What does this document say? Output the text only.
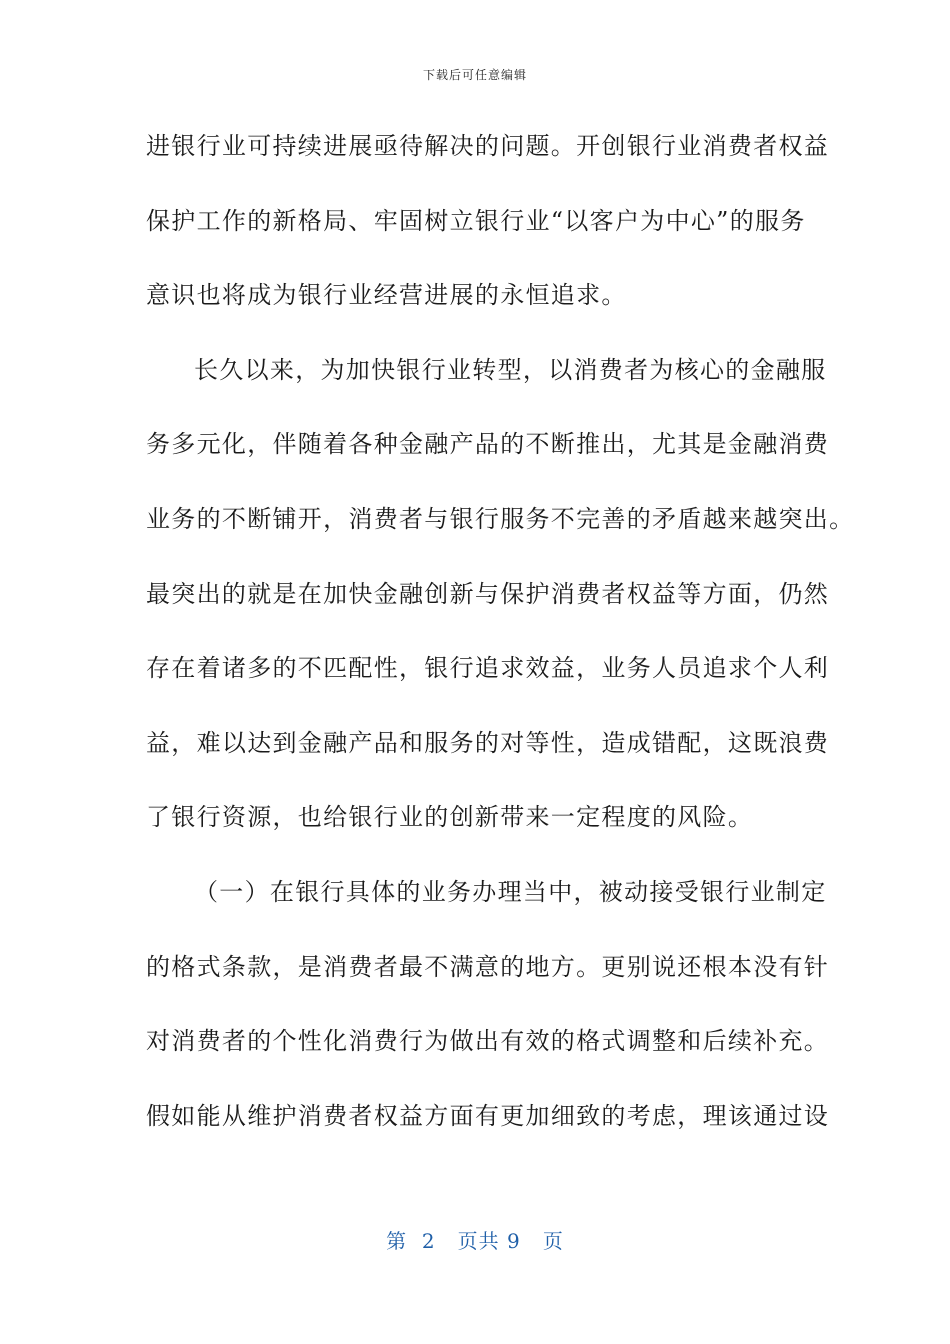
下载后可任意编辑
进银行业可持续进展亟待解决的问题。开创银行业消费者权益
保护工作的新格局、牢固树立银行业“以客户为中心”的服务
意识也将成为银行业经营进展的永恒追求。
长久以来，为加快银行业转型，以消费者为核心的金融服
务多元化，伴随着各种金融产品的不断推出，尤其是金融消费
业务的不断铺开，消费者与银行服务不完善的矛盾越来越突出。
最突出的就是在加快金融创新与保护消费者权益等方面，仍然
存在着诸多的不匹配性，银行追求效益，业务人员追求个人利
益，难以达到金融产品和服务的对等性，造成错配，这既浪费
了银行资源，也给银行业的创新带来一定程度的风险。
（一）在银行具体的业务办理当中，被动接受银行业制定
的格式条款，是消费者最不满意的地方。更别说还根本没有针
对消费者的个性化消费行为做出有效的格式调整和后续补充。
假如能从维护消费者权益方面有更加细致的考虑，理该通过设
第 2 页共 9 页
